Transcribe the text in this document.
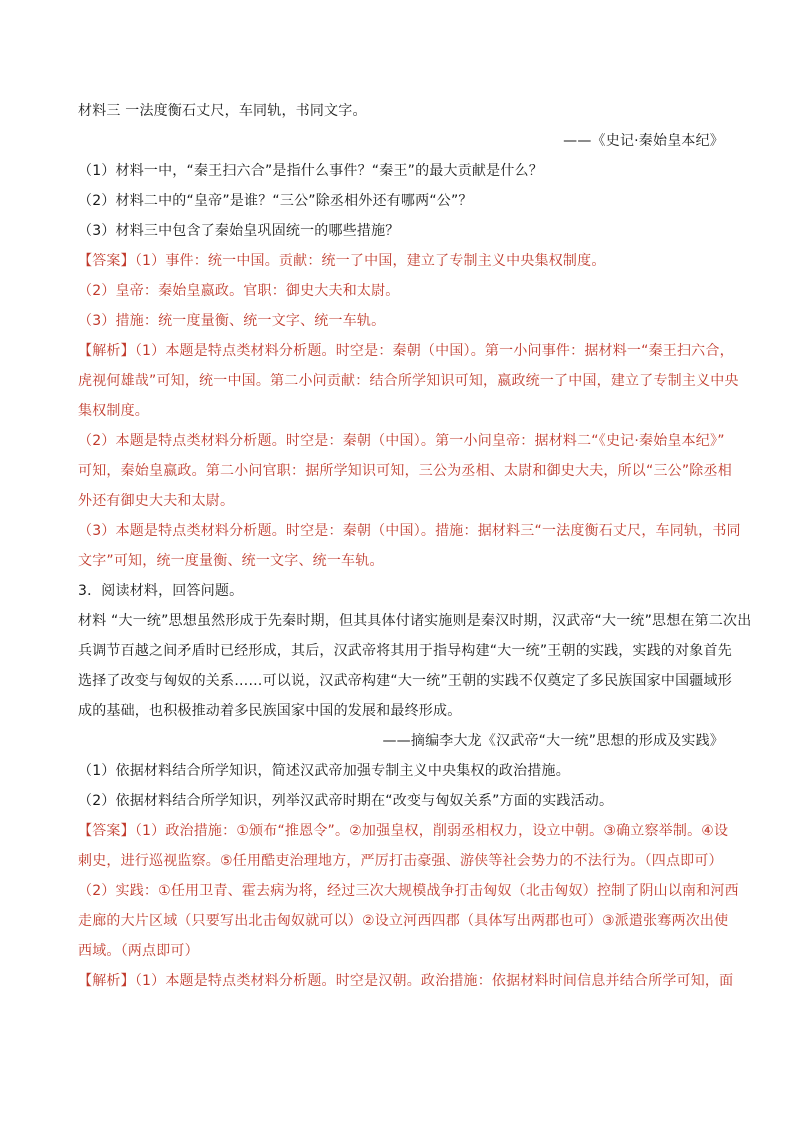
材料三 一法度衡石丈尺，车同轨，书同文字。
——《史记·秦始皇本纪》
（1）材料一中，“秦王扫六合”是指什么事件？“秦王”的最大贡献是什么？
（2）材料二中的“皇帝”是谁？“三公”除丞相外还有哪两“公”？
（3）材料三中包含了秦始皇巩固统一的哪些措施？
【答案】（1）事件：统一中国。贡献：统一了中国，建立了专制主义中央集权制度。
（2）皇帝：秦始皇嬴政。官职：御史大夫和太尉。
（3）措施：统一度量衡、统一文字、统一车轨。
【解析】（1）本题是特点类材料分析题。时空是：秦朝（中国）。第一小问事件：据材料一“秦王扫六合，
虎视何雄哉”可知，统一中国。第二小问贡献：结合所学知识可知，嬴政统一了中国，建立了专制主义中央
集权制度。
（2）本题是特点类材料分析题。时空是：秦朝（中国）。第一小问皇帝：据材料二“《史记·秦始皇本纪》”
可知，秦始皇嬴政。第二小问官职：据所学知识可知，三公为丞相、太尉和御史大夫，所以“三公”除丞相
外还有御史大夫和太尉。
（3）本题是特点类材料分析题。时空是：秦朝（中国）。措施：据材料三“一法度衡石丈尺，车同轨，书同
文字”可知，统一度量衡、统一文字、统一车轨。
3．阅读材料，回答问题。
材料 “大一统”思想虽然形成于先秦时期，但其具体付诸实施则是秦汉时期，汉武帝“大一统”思想在第二次出
兵调节百越之间矛盾时已经形成，其后，汉武帝将其用于指导构建“大一统”王朝的实践，实践的对象首先
选择了改变与匈奴的关系……可以说，汉武帝构建“大一统”王朝的实践不仅奠定了多民族国家中国疆域形
成的基础，也积极推动着多民族国家中国的发展和最终形成。
——摘编李大龙《汉武帝“大一统”思想的形成及实践》
（1）依据材料结合所学知识，简述汉武帝加强专制主义中央集权的政治措施。
（2）依据材料结合所学知识，列举汉武帝时期在“改变与匈奴关系”方面的实践活动。
【答案】（1）政治措施：①颁布“推恩令”。②加强皇权，削弱丞相权力，设立中朝。③确立察举制。④设
刺史，进行巡视监察。⑤任用酷吏治理地方，严厉打击豪强、游侠等社会势力的不法行为。（四点即可）
（2）实践：①任用卫青、霍去病为将，经过三次大规模战争打击匈奴（北击匈奴）控制了阴山以南和河西
走廊的大片区域（只要写出北击匈奴就可以）②设立河西四郡（具体写出两郡也可）③派遣张骞两次出使
西域。（两点即可）
【解析】（1）本题是特点类材料分析题。时空是汉朝。政治措施：依据材料时间信息并结合所学可知，面
